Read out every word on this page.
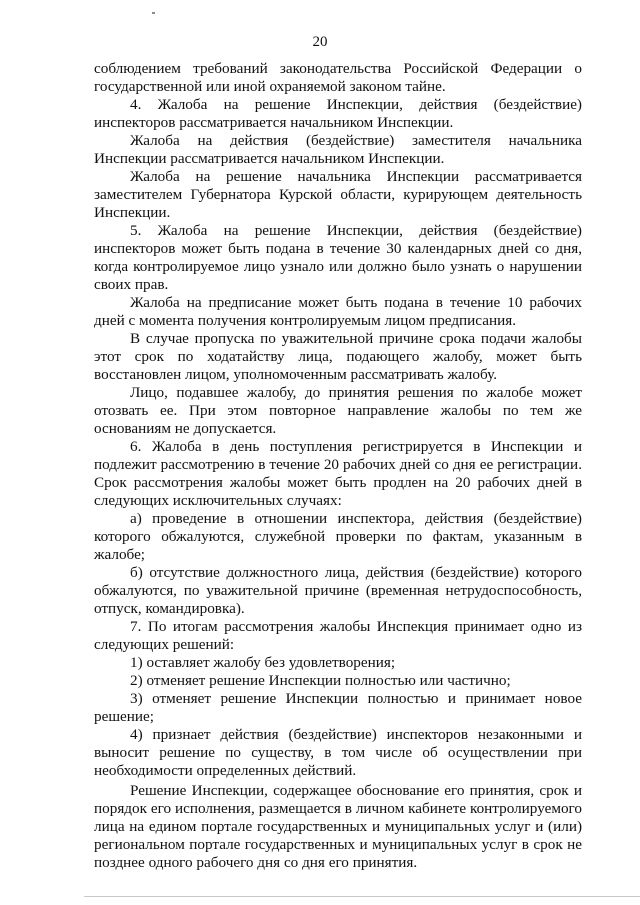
20

соблюдением требований законодательства Российской Федерации о государственной или иной охраняемой законом тайне.

4. Жалоба на решение Инспекции, действия (бездействие) инспекторов рассматривается начальником Инспекции.

Жалоба на действия (бездействие) заместителя начальника Инспекции рассматривается начальником Инспекции.

Жалоба на решение начальника Инспекции рассматривается заместителем Губернатора Курской области, курирующем деятельность Инспекции.

5. Жалоба на решение Инспекции, действия (бездействие) инспекторов может быть подана в течение 30 календарных дней со дня, когда контролируемое лицо узнало или должно было узнать о нарушении своих прав.

Жалоба на предписание может быть подана в течение 10 рабочих дней с момента получения контролируемым лицом предписания.

В случае пропуска по уважительной причине срока подачи жалобы этот срок по ходатайству лица, подающего жалобу, может быть восстановлен лицом, уполномоченным рассматривать жалобу.

Лицо, подавшее жалобу, до принятия решения по жалобе может отозвать ее. При этом повторное направление жалобы по тем же основаниям не допускается.

6. Жалоба в день поступления регистрируется в Инспекции и подлежит рассмотрению в течение 20 рабочих дней со дня ее регистрации. Срок рассмотрения жалобы может быть продлен на 20 рабочих дней в следующих исключительных случаях:

а) проведение в отношении инспектора, действия (бездействие) которого обжалуются, служебной проверки по фактам, указанным в жалобе;

б) отсутствие должностного лица, действия (бездействие) которого обжалуются, по уважительной причине (временная нетрудоспособность, отпуск, командировка).

7. По итогам рассмотрения жалобы Инспекция принимает одно из следующих решений:

1) оставляет жалобу без удовлетворения;

2) отменяет решение Инспекции полностью или частично;

3) отменяет решение Инспекции полностью и принимает новое решение;

4) признает действия (бездействие) инспекторов незаконными и выносит решение по существу, в том числе об осуществлении при необходимости определенных действий.

Решение Инспекции, содержащее обоснование его принятия, срок и порядок его исполнения, размещается в личном кабинете контролируемого лица на едином портале государственных и муниципальных услуг и (или) региональном портале государственных и муниципальных услуг в срок не позднее одного рабочего дня со дня его принятия.
